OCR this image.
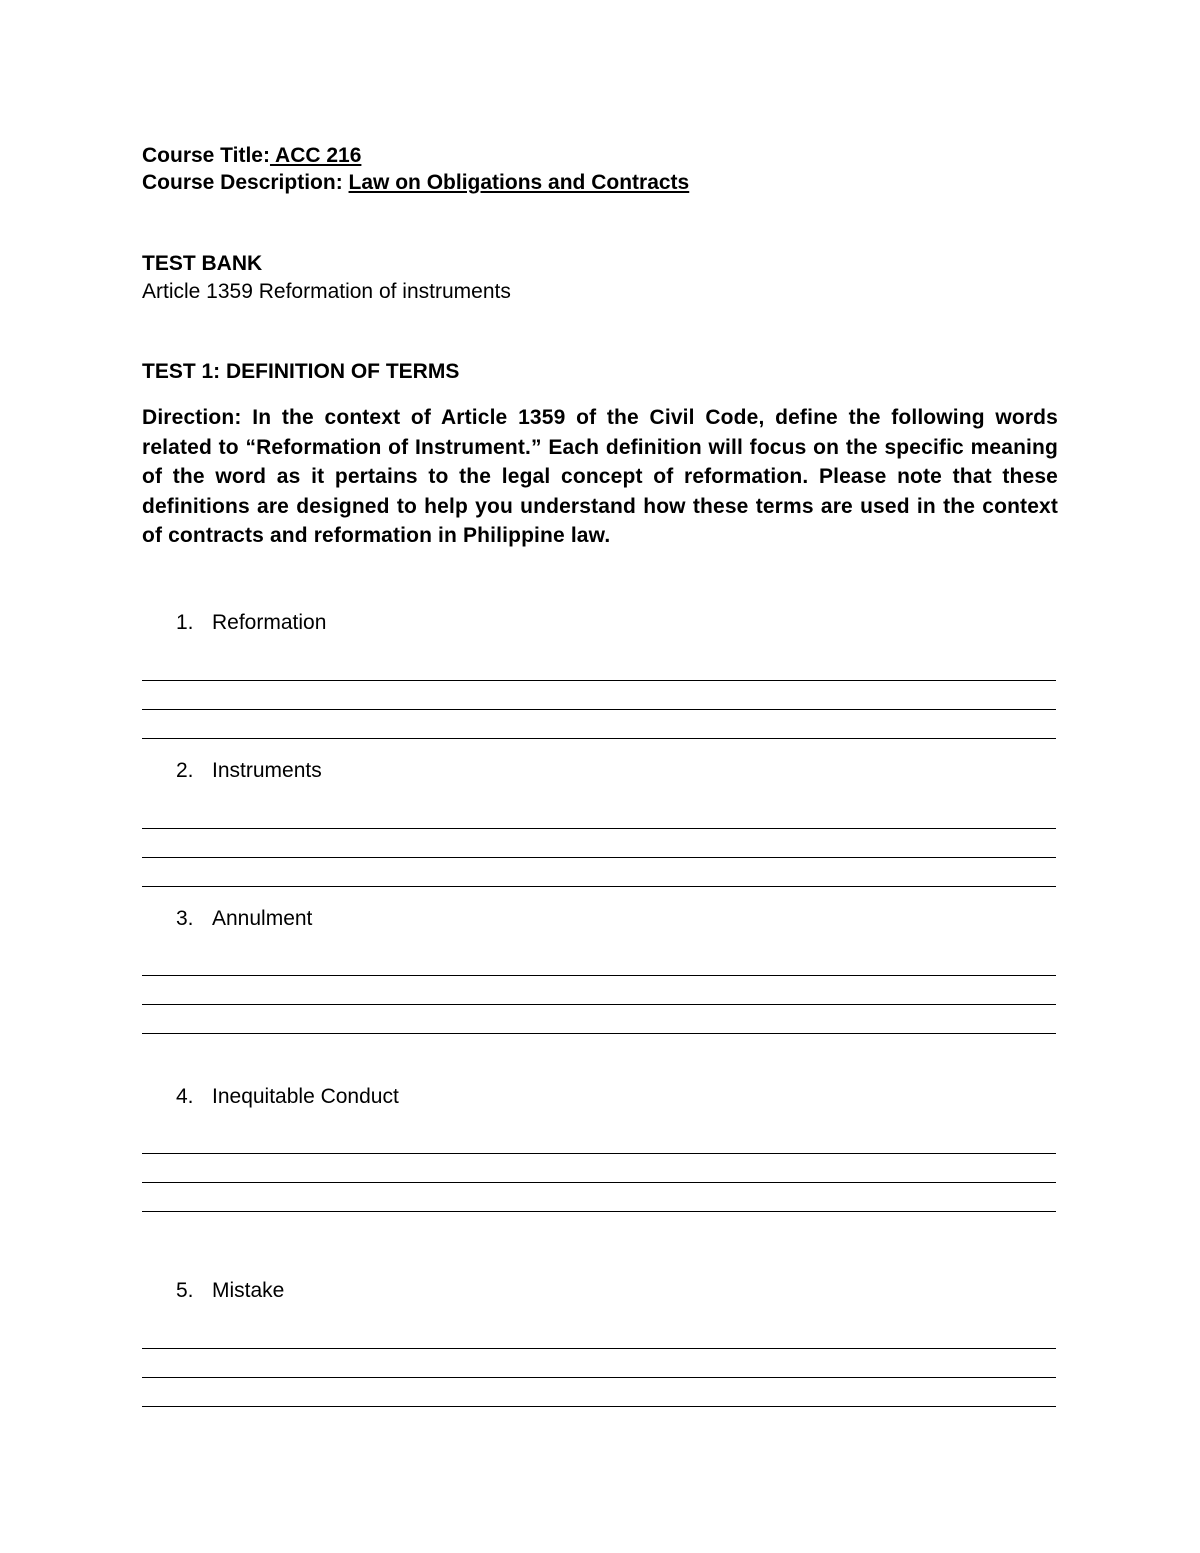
Course Title: ACC 216
Course Description: Law on Obligations and Contracts
TEST BANK
Article 1359 Reformation of instruments
TEST 1: DEFINITION OF TERMS
Direction: In the context of Article 1359 of the Civil Code, define the following words related to “Reformation of Instrument.” Each definition will focus on the specific meaning of the word as it pertains to the legal concept of reformation. Please note that these definitions are designed to help you understand how these terms are used in the context of contracts and reformation in Philippine law.
1. Reformation
2. Instruments
3. Annulment
4. Inequitable Conduct
5. Mistake
